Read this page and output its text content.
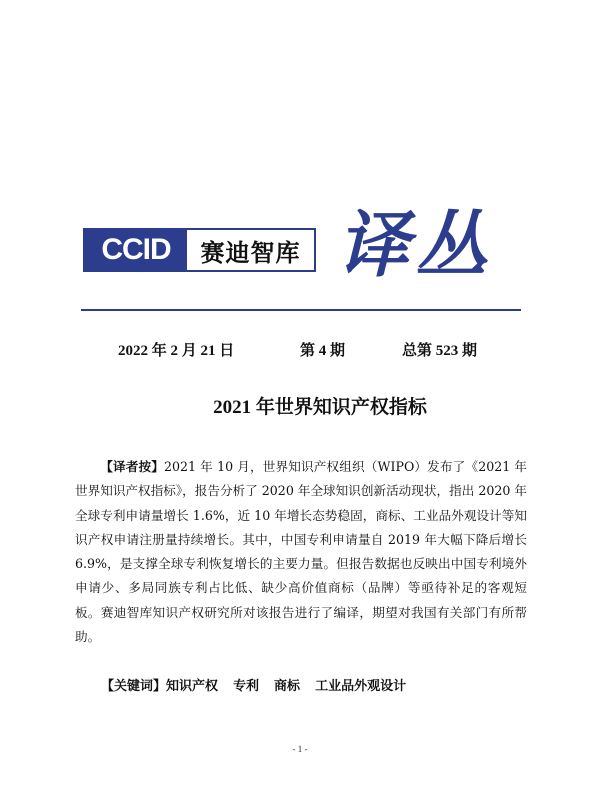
CCID	赛迪智库 译丛
2022 年 2 月 21 日	第 4 期	总第 523 期
2021 年世界知识产权指标
【译者按】2021 年 10 月，世界知识产权组织（WIPO）发布了《2021 年世界知识产权指标》，报告分析了 2020 年全球知识创新活动现状，指出 2020 年全球专利申请量增长 1.6%，近 10 年增长态势稳固，商标、工业品外观设计等知识产权申请注册量持续增长。其中，中国专利申请量自 2019 年大幅下降后增长 6.9%，是支撑全球专利恢复增长的主要力量。但报告数据也反映出中国专利境外申请少、多局同族专利占比低、缺少高价值商标（品牌）等亟待补足的客观短板。赛迪智库知识产权研究所对该报告进行了编译，期望对我国有关部门有所帮助。
【关键词】知识产权 专利 商标 工业品外观设计
- 1 -
